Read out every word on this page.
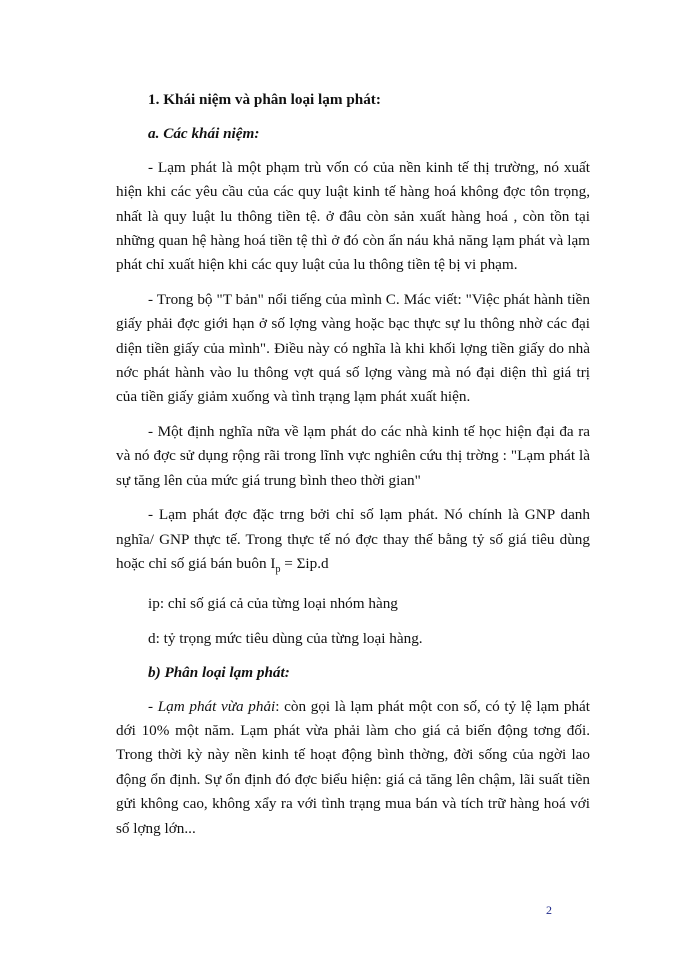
1. Khái niệm và phân loại lạm phát:

a. Các khái niệm:

- Lạm phát là một phạm trù vốn có của nền kinh tế thị trường, nó xuất hiện khi các yêu cầu của các quy luật kinh tế hàng hoá không đợc tôn trọng, nhất là quy luật lu thông tiền tệ. ở đâu còn sản xuất hàng hoá , còn tồn tại những quan hệ hàng hoá tiền tệ thì ở đó còn ẩn náu khả năng lạm phát và lạm phát chỉ xuất hiện khi các quy luật của lu thông tiền tệ bị vi phạm.

- Trong bộ "T bản" nổi tiếng của mình C. Mác viết: "Việc phát hành tiền giấy phải đợc giới hạn ở số lợng vàng hoặc bạc thực sự lu thông nhờ các đại diện tiền giấy của mình". Điều này có nghĩa là khi khối lợng tiền giấy do nhà nớc phát hành vào lu thông vợt quá số lợng vàng mà nó đại diện thì giá trị của tiền giấy giảm xuống và tình trạng lạm phát xuất hiện.

- Một định nghĩa nữa về lạm phát do các nhà kinh tế học hiện đại đa ra và nó đợc sử dụng rộng rãi trong lĩnh vực nghiên cứu thị trờng : "Lạm phát là sự tăng lên của mức giá trung bình theo thời gian"

- Lạm phát đợc đặc trng bởi chỉ số lạm phát. Nó chính là GNP danh nghĩa/ GNP thực tế. Trong thực tế nó đợc thay thế bằng tỷ số giá tiêu dùng hoặc chỉ số giá bán buôn $I_p = \Sigma ip.d$

ip: chỉ số giá cả của từng loại nhóm hàng

d: tỷ trọng mức tiêu dùng của từng loại hàng.

b) Phân loại lạm phát:

- Lạm phát vừa phải: còn gọi là lạm phát một con số, có tỷ lệ lạm phát dới 10% một năm. Lạm phát vừa phải làm cho giá cả biến động tơng đối. Trong thời kỳ này nền kinh tế hoạt động bình thờng, đời sống của ngời lao động ổn định. Sự ổn định đó đợc biểu hiện: giá cả tăng lên chậm, lãi suất tiền gửi không cao, không xẩy ra với tình trạng mua bán và tích trữ hàng hoá với số lợng lớn...

2
